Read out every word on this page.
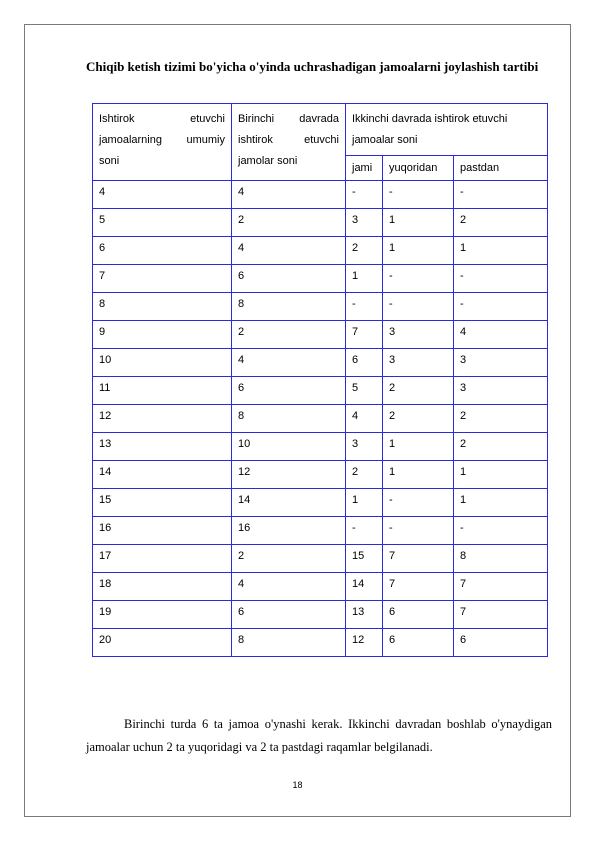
Chiqib ketish tizimi bo'yicha o'yinda uchrashadigan jamoalarni joylashish tartibi
Ishtirok etuvchi jamoalarning umumiy soni	Birinchi davrada ishtirok etuvchi jamolar soni	Ikkinchi davrada ishtirok etuvchi jamoalar soni		
		jami	yuqoridan	pastdan
4	4	-	-	-
5	2	3	1	2
6	4	2	1	1
7	6	1	-	-
8	8	-	-	-
9	2	7	3	4
10	4	6	3	3
11	6	5	2	3
12	8	4	2	2
13	10	3	1	2
14	12	2	1	1
15	14	1	-	1
16	16	-	-	-
17	2	15	7	8
18	4	14	7	7
19	6	13	6	7
20	8	12	6	6
Birinchi turda 6 ta jamoa o'ynashi kerak. Ikkinchi davradan boshlab o'ynaydigan jamoalar uchun 2 ta yuqoridagi va 2 ta pastdagi raqamlar belgilanadi.
18
